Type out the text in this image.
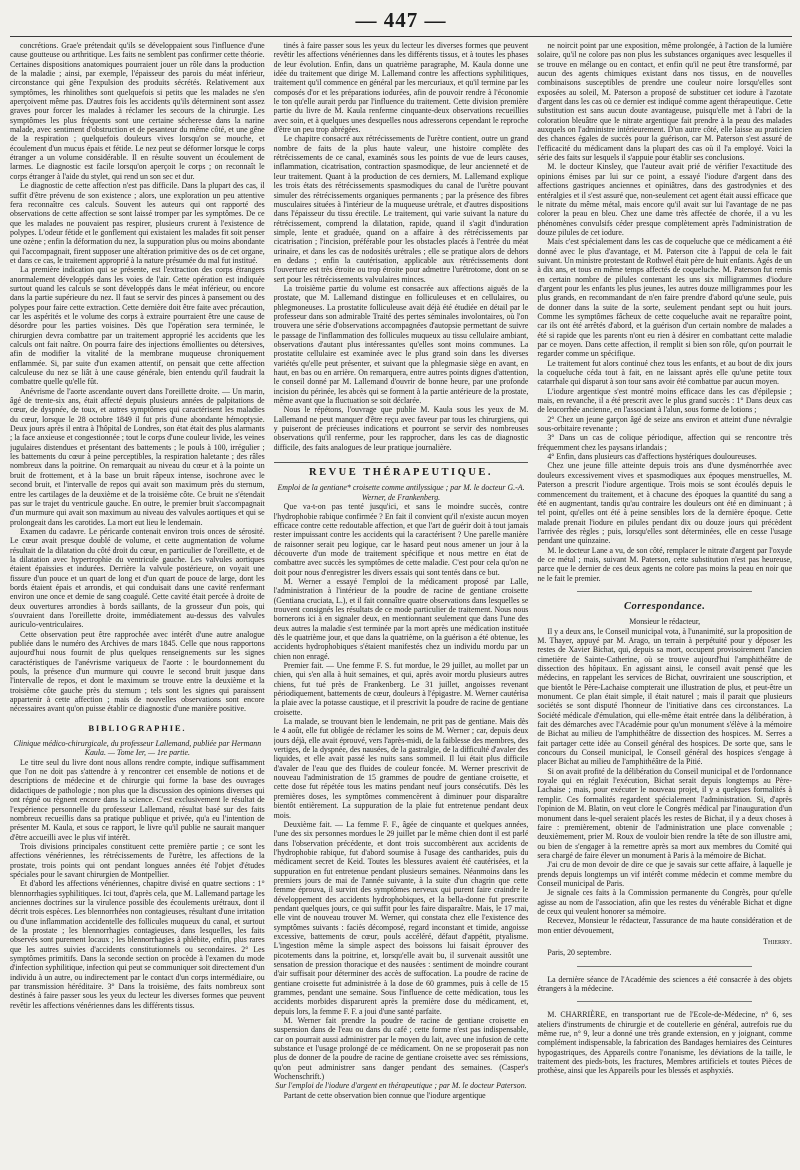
— 447 —

concrétions. Grae'e prétendait qu'ils se développaient sous l'influence d'une cause goutteuse ou arthritique. Les faits ne semblent pas confirmer cette théorie. Certaines dispositions anatomiques pourraient jouer un rôle dans la production de la maladie ; ainsi, par exemple, l'épaisseur des parois du méat inférieur, circonstance qui gêne l'expulsion des produits sécrétés. Relativement aux symptômes, les rhinolithes sont quelquefois si petits que les malades ne s'en aperçoivent même pas. D'autres fois les accidents qu'ils déterminent sont assez graves pour forcer les malades à réclamer les secours de la chirurgie. Les symptômes les plus fréquents sont une certaine sécheresse dans la narine malade, avec sentiment d'obstruction et de pesanteur du même côté, et une gêne de la respiration ; quelquefois douleurs vives lorsqu'on se mouche, et écoulement d'un mucus épais et fétide. Le nez peut se déformer lorsque le corps étranger a un volume considérable. Il en résulte souvent un écoulement de larmes. Le diagnostic est facile lorsqu'on aperçoit le corps ; on reconnaît le corps étranger à l'aide du stylet, qui rend un son sec et dur.

Le diagnostic de cette affection n'est pas difficile. Dans la plupart des cas, il suffit d'être prévenu de son existence ; alors, une exploration un peu attentive fera reconnaître ces calculs. Souvent les auteurs qui ont rapporté des observations de cette affection se sont laissé tromper par les symptômes. De ce que les malades ne pouvaient pas respirer, plusieurs crurent à l'existence de polypes. L'odeur fétide et le gonflement qui existaient les malades fit soit penser une ozène ; enfin la déformation du nez, la suppuration plus ou moins abondante qui l'accompagnait, firent supposer une altération primitive des os de cet organe, et dans ce cas, le traitement approprié à la nature présumée du mal fut institué.

La première indication qui se présente, est l'extraction des corps étrangers anormalement développés dans les voies de l'air. Cette opération est indiquée surtout quand les calculs se sont développés dans le méat inférieur, ou encore dans la partie supérieure du nez. Il faut se servir des pinces à pansement ou des polypes pour faire cette extraction. Cette dernière doit être faite avec précaution, car les aspérités et le volume des corps à extraire pourraient être une cause de désordre pour les parties voisines. Dès que l'opération sera terminée, le chirurgien devra combattre par un traitement approprié les accidents que les calculs ont fait naître. On pourra faire des injections émollientes ou détersives, afin de modifier la vitalité de la membrane muqueuse chroniquement enflammée. Si, par suite d'un examen attentif, on pensait que cette affection calculeuse du nez se liât à une cause générale, bien entendu qu'il faudrait la combattre quelle qu'elle fût.

Anévrisme de l'aorte ascendante ouvert dans l'oreillette droite. — Un marin, âgé de trente-six ans, était affecté depuis plusieurs années de palpitations de cœur, de dyspnée, de toux, et autres symptômes qui caractérisent les maladies du cœur, lorsque le 28 octobre 1849 il fut pris d'une abondante hémoptysie. Deux jours après il entra à l'hôpital de Londres, son état était des plus alarmants ; la face anxieuse et congestionnée ; tout le corps d'une couleur livide, les veines jugulaires distendues et présentant des battements ; le pouls à 100, irrégulier ; les battements du cœur à peine perceptibles, la respiration haletante ; des râles nombreux dans la poitrine. On remarquait au niveau du cœur et à la pointe un bruit de frottement, et à la base un bruit râpeux intense, isochrone avec le second bruit, et l'intervalle de repos qui avait son maximum près du sternum, entre les cartilages de la deuxième et de la troisième côte. Ce bruit ne s'étendait pas sur le trajet du ventricule gauche. En outre, le premier bruit s'accompagnait d'un murmure qui avait son maximum au niveau des valvules aortiques et qui se prolongeait dans les carotides. La mort eut lieu le lendemain.

Examen du cadavre. Le péricarde contenait environ trois onces de sérosité. Le cœur avait presque doublé de volume, et cette augmentation de volume résultait de la dilatation du côté droit du cœur, en particulier de l'oreillette, et de la dilatation avec hypertrophie du ventricule gauche. Les valvules aortiques étaient épaissies et indurées. Derrière la valvule postérieure, on voyait une fissure d'un pouce et un quart de long et d'un quart de pouce de large, dont les bords étaient épais et arrondis, et qui conduisait dans une cavité renfermant environ une once et demie de sang coagulé. Cette cavité était percée à droite de deux ouvertures arrondies à bords saillants, de la grosseur d'un pois, qui s'ouvraient dans l'oreillette droite, immédiatement au-dessus des valvules auriculo-ventriculaires.

Cette observation peut être rapprochée avec intérêt d'une autre analogue publiée dans le numéro des Archives de mars 1845. Celle que nous rapportons aujourd'hui nous fournit de plus quelques renseignements sur les signes caractéristiques de l'anévrisme variqueux de l'aorte : le bourdonnement du pouls, la présence d'un murmure qui couvre le second bruit jusque dans l'intervalle de repos, et dont le maximum se trouve entre la deuxième et la troisième côte gauche près du sternum ; tels sont les signes qui paraissent appartenir à cette affection ; mais de nouvelles observations sont encore nécessaires avant qu'on puisse établir ce diagnostic d'une manière positive.

BIBLIOGRAPHIE.

Clinique médico-chirurgicale, du professeur Lallemand, publiée par Hermann Kaula. — Tome Ier, — 1re partie.

Le titre seul du livre dont nous allons rendre compte, indique suffisamment que l'on ne doit pas s'attendre à y rencontrer cet ensemble de notions et de descriptions de médecine et de chirurgie qui forme la base des ouvrages didactiques de pathologie ; non plus que la discussion des opinions diverses qui ont régné ou règnent encore dans la science. C'est exclusivement le résultat de l'expérience personnelle du professeur Lallemand, résultat basé sur des faits nombreux recueillis dans sa pratique publique et privée, qu'a eu l'intention de présenter M. Kaula, et sous ce rapport, le livre qu'il publie ne saurait manquer d'être accueilli avec le plus vif intérêt.

Trois divisions principales constituent cette première partie ; ce sont les affections vénériennes, les rétrécissements de l'urètre, les affections de la prostate, trois points qui ont pendant longues années été l'objet d'études spéciales pour le savant chirurgien de Montpellier.

Et d'abord les affections vénériennes, chapitre divisé en quatre sections : 1° blennorrhagies syphilitiques. Ici tout, d'après cela, que M. Lallemand partage les anciennes doctrines sur la virulence possible des écoulements urétraux, dont il décrit trois espèces. Les blennorrhées non contagieuses, résultant d'une irritation ou d'une inflammation accidentelle des follicules muqueux du canal, et surtout de la prostate ; les blennorrhagies contagieuses, dans lesquelles, les faits observés sont purement locaux ; les blennorrhagies à phlébite, enfin, plus rares que les autres suivies d'accidents constitutionnels ou secondaires. 2° Les symptômes primitifs. Dans la seconde section on procède à l'examen du mode d'infection syphilitique, infection qui peut se communiquer soit directement d'un individu à un autre, ou indirectement par le contact d'un corps intermédiaire, ou par transmission héréditaire. 3° Dans la troisième, des faits nombreux sont destinés à faire passer sous les yeux du lecteur les diverses formes que peuvent revêtir les affections vénériennes dans les différents tissus.

tinés à faire passer sous les yeux du lecteur les diverses formes que peuvent revêtir les affections vénériennes dans les différents tissus, et à toutes les phases de leur évolution. Enfin, dans un quatrième paragraphe, M. Kaula donne une idée du traitement que dirige M. Lallemand contre les affections syphilitiques, traitement qu'il commence en général par les mercuriaux, et qu'il termine par les composés d'or et les préparations iodurées, afin de pouvoir rendre à l'économie le ton qu'elle aurait perdu par l'influence du traitement. Cette division première partie du livre de M. Kaula renferme cinquante-deux observations recueillies avec soin, et à quelques unes desquelles nous adresserons cependant le reproche d'être un peu trop abrégées.

Le chapitre consacré aux rétrécissements de l'urètre contient, outre un grand nombre de faits de la plus haute valeur, une histoire complète des rétrécissements de ce canal, examinés sous les points de vue de leurs causes, inflammation, cicatrisation, contraction spasmodique, de leur ancienneté et de leur traitement. Quant à la production de ces derniers, M. Lallemand explique les trois états des rétrécissements spasmodiques du canal de l'urètre pouvant simuler des rétrécissements organiques permanents ; par la présence des fibres musculaires situées à l'intérieur de la muqueuse urétrale, et d'autres dispositions dans l'épaisseur du tissu érectile. Le traitement, qui varie suivant la nature du rétrécissement, comprend la dilatation, rapide, quand il s'agit d'induration simple, lente et graduée, quand on a affaire à des rétrécissements par cicatrisation ; l'incision, préférable pour les obstacles placés à l'entrée du méat urinaire, et dans les cas de nodosités urétrales ; elle se pratique alors de dehors en dedans ; enfin la cautérisation, applicable aux rétrécissements dont l'ouverture est très étroite ou trop étroite pour admettre l'urétrotome, dont on se sert pour les rétrécissements valvulaires minces.

La troisième partie du volume est consacrée aux affections aiguës de la prostate, que M. Lallemand distingue en folliculeuses et en cellulaires, ou phlegmoneuses. La prostatite folliculeuse avait déjà été étudiée en détail par le professeur dans son admirable Traité des pertes séminales involontaires, où l'on trouvera une série d'observations accompagnées d'autopsie permettant de suivre le passage de l'inflammation des follicules muqueux au tissu cellulaire ambiant, observations d'autant plus intéressantes qu'elles sont moins communes. La prostatite cellulaire est examinée avec le plus grand soin dans les diverses variétés qu'elle peut présenter, et suivant que la phlegmasie siège en avant, en haut, en bas ou en arrière. On remarquera, entre autres points dignes d'attention, le conseil donné par M. Lallemand d'ouvrir de bonne heure, par une profonde incision du périnée, les abcès qui se forment à la partie antérieure de la prostate, même avant que la fluctuation se soit déclarée.

Nous le répétons, l'ouvrage que publie M. Kaula sous les yeux de M. Lallemand ne peut manquer d'être reçu avec faveur par tous les chirurgiens, qui y puiseront de précieuses indications et pourront se servir des nombreuses observations qu'il renferme, pour les rapprocher, dans les cas de diagnostic difficile, des faits analogues de leur pratique journalière.

REVUE THÉRAPEUTIQUE.

Emploi de la gentiane* croisette comme antilyssique ; par M. le docteur G.-A. Werner, de Frankenberg.

Que va-t-on pas tenté jusqu'ici, et sans le moindre succès, contre l'hydrophobie rabique confirmée ? En fait il convient qu'il n'existe aucun moyen efficace contre cette redoutable affection, et que l'art de guérir doit à tout jamais rester impuissant contre les accidents qui la caractérisent ? Une parelle manière de raisonner serait peu logique, car le hasard peut nous amener un jour à la découverte d'un mode de traitement spécifique et nous mettre en état de combattre avec succès les symptômes de cette maladie. C'est pour cela qu'on ne doit pour nous d'enregistrer les divers essais qui sont tentés dans ce but.

M. Werner a essayé l'emploi de la médicament proposé par Lalle, l'administration à l'intérieur de la poudre de racine de gentiane croisette (Gentiana cruciata, L.), et il fait connaître quatre observations dans lesquelles se trouvent consignés les résultats de ce mode particulier de traitement. Nous nous bornerons ici à en signaler deux, en mentionnant seulement que dans l'une des deux autres la maladie s'est terminée par la mort après une médication instituée dès le quatrième jour, et que dans la quatrième, on la guérison a été obtenue, les accidents hydrophobiques s'étaient manifestés chez un individu mordu par un chien non enragé.

Premier fait. — Une femme F. S. fut mordue, le 29 juillet, au mollet par un chien, qui s'en alla à huit semaines, et qui, après avoir mordu plusieurs autres chiens, fut tué près de Frankenberg. Le 31 juillet, angoisses revenant périodiquement, battements de cœur, douleurs à l'épigastre. M. Werner cautérisa la plaie avec la potasse caustique, et il prescrivit la poudre de racine de gentiane croisette.

La malade, se trouvant bien le lendemain, ne prit pas de gentiane. Mais dès le 4 août, elle fut obligée de réclamer les soins de M. Werner ; car, depuis deux jours déjà, elle avait éprouvé, vers l'après-midi, de la faiblesse des membres, des vertiges, de la dyspnée, des nausées, de la gastralgie, de la difficulté d'avaler des liquides, et elle avait passé les nuits sans sommeil. Il lui était plus difficile d'avaler de l'eau que des fluides de couleur foncée. M. Werner prescrivit de nouveau l'administration de 15 grammes de poudre de gentiane croisette, et cette dose fut répétée tous les matins pendant neuf jours consécutifs. Dès les premières doses, les symptômes commencèrent à diminuer pour disparaître bientôt entièrement. La suppuration de la plaie fut entretenue pendant deux mois.

Deuxième fait. — La femme F. F., âgée de cinquante et quelques années, l'une des six personnes mordues le 29 juillet par le même chien dont il est parlé dans l'observation précédente, et dont trois succombèrent aux accidents de l'hydrophobie rabique, fut d'abord soumise à l'usage des cantharides, puis du médicament secret de Keid. Toutes les blessures avaient été cautérisées, et la suppuration en fut entretenue pendant plusieurs semaines. Néanmoins dans les premiers jours de mai de l'année suivante, à la suite d'un chagrin que cette femme éprouva, il survint des symptômes nerveux qui purent faire craindre le développement des accidents hydrophobiques, et la bella-donne fut prescrite pendant quelques jours, ce qui suffit pour les faire disparaître. Mais, le 17 mai, elle vint de nouveau trouver M. Werner, qui constata chez elle l'existence des symptômes suivants : faciès décomposé, regard inconstant et timide, angoisse excessive, battements de cœur, pouls accéléré, défaut d'appétit, ptyalisme. L'ingestion même la simple aspect des boissons lui faisait éprouver des picotements dans la poitrine, et, lorsqu'elle avait bu, il survenait aussitôt une sensation de pression thoracique et des nausées : sentiment de moindre courant d'air suffisait pour déterminer des accès de suffocation. La poudre de racine de gentiane croisette fut administrée à la dose de 60 grammes, puis à celle de 15 grammes, pendant une semaine. Sous l'influence de cette médication, tous les accidents morbides disparurent après la première dose du médicament, et, depuis lors, la femme F. F. a joui d'une santé parfaite.

M. Werner fait prendre la poudre de racine de gentiane croisette en suspension dans de l'eau ou dans du café ; cette forme n'est pas indispensable, car on pourrait aussi administrer par le moyen du lait, avec une infusion de cette substance et l'usage prolongé de ce médicament. On ne se proposerait pas non plus de donner de la poudre de racine de gentiane croisette avec ses rémissions, qu'on peut administrer sans danger pendant des semaines. (Casper's Wochenschrift.)

Sur l'emploi de l'iodure d'argent en thérapeutique ; par M. le docteur Paterson.

Partant de cette observation bien connue que l'iodure argentique

ne noircit point par une exposition, même prolongée, à l'action de la lumière solaire, qu'il ne colore pas non plus les substances organiques avec lesquelles il se trouve en mélange ou en contact, et enfin qu'il ne peut être transformé, par aucun des agents chimiques existant dans nos tissus, en de nouvelles combinaisons susceptibles de prendre une couleur noire lorsqu'elles sont exposées au soleil, M. Paterson a proposé de substituer cet iodure à l'azotate d'argent dans les cas où ce dernier est indiqué comme agent thérapeutique. Cette substitution est sans aucun doute avantageuse, puisqu'elle met à l'abri de la coloration bleuâtre que le nitrate argentique fait prendre à la peau des malades auxquels on l'administre intérieurement. D'un autre côté, elle laisse au praticien des chances égales de succès pour la guérison, car M. Paterson s'est assuré de l'efficacité du médicament dans la plupart des cas où il l'a employé. Voici la série des faits sur lesquels il s'appuie pour établir ses conclusions.

M. le docteur Kinsley, que l'auteur avait prié de vérifier l'exactitude des opinions émises par lui sur ce point, a essayé l'iodure d'argent dans des affections gastriques anciennes et opiniâtres, dans des gastrodynies et des entéralgies et il s'est assuré que, non-seulement cet agent était aussi efficace que le nitrate du même métal, mais encore qu'il avait sur lui l'avantage de ne pas colorer la peau en bleu. Chez une dame très affectée de chorée, il a vu les phénomènes convulsifs céder presque complètement après l'administration de douze pilules de cet iodure.

Mais c'est spécialement dans les cas de coqueluche que ce médicament a été donné avec le plus d'avantage, et M. Paterson cite à l'appui de cela le fait suivant. Un ministre protestant de Rothwel était père de huit enfants. Agés de un à dix ans, et tous en même temps affectés de coqueluche. M. Paterson fut remis en certain nombre de pilules contenant les uns six milligrammes d'iodure d'argent pour les enfants les plus jeunes, les autres douze milligrammes pour les plus grands, en recommandant de n'en faire prendre d'abord qu'une seule, puis de donner dans la suite de la sorte, seulement pendant sept ou huit jours. Comme les symptômes fâcheux de cette coqueluche avait ne reparaître point, car ils ont été arrêtés d'abord, et la guérison d'un certain nombre de malades a été si rapide que les parents n'ont eu rien à désirer en combattant cette maladie par ce moyen. Dans cette affection, il remplit si bien son rôle, qu'on pourrait le regarder comme un spécifique.

Le traitement fut alors continué chez tous les enfants, et au bout de dix jours la coqueluche céda tout à fait, en ne laissant après elle qu'une petite toux catarrhale qui disparut à son tour sans avoir été combattue par aucun moyen.

L'iodure argentique s'est montré moins efficace dans les cas d'épilepsie ; mais, en revanche, il a été prescrit avec le plus grand succès : 1° Dans deux cas de leucorrhée ancienne, en l'associant à l'alun, sous forme de lotions ;

2° Chez un jeune garçon âgé de seize ans environ et atteint d'une névralgie sous-orbitaire revenante ;

3° Dans un cas de colique périodique, affection qui se rencontre très fréquemment chez les paysans irlandais ;

4° Enfin, dans plusieurs cas d'affections hystériques douloureuses.

Chez une jeune fille atteinte depuis trois ans d'une dysménorrhée avec douleurs excessivement vives et spasmodiques aux époques menstruelles, M. Paterson a prescrit l'iodure argentique. Trois mois se sont écoulés depuis le commencement du traitement, et à chacune des époques la quantité du sang a été en augmentant, tandis qu'au contraire les douleurs ont été en diminuant ; à tel point, qu'elles ont été à peine sensibles lors de la dernière époque. Cette malade prenait l'iodure en pilules pendant dix ou douze jours qui précèdent l'arrivée des règles ; puis, lorsqu'elles sont déterminées, elle en cesse l'usage pendant une quinzaine.

M. le docteur Lane a vu, de son côté, remplacer le nitrate d'argent par l'oxyde de ce métal ; mais, suivant M. Paterson, cette substitution n'est pas heureuse, parce que le dernier de ces deux agents ne colore pas moins la peau en noir que ne le fait le premier.

Correspondance.

Monsieur le rédacteur,

Il y a deux ans, le Conseil municipal vota, à l'unanimité, sur la proposition de M. Thayer, appuyé par M. Arago, un terrain à perpétuité pour y déposer les restes de Xavier Bichat, qui, depuis sa mort, occupent provisoirement l'ancien cimetière de Sainte-Catherine, où se trouve aujourd'hui l'amphithéâtre de dissection des hôpitaux. En agissant ainsi, le conseil avait pensé que les médecins, en rappelant les services de Bichat, ouvriraient une souscription, et que bientôt le Père-Lachaise compterait une illustration de plus, et peut-être un monument. Ce plan était simple, il était naturel ; mais il parait que plusieurs sociétés se sont disputé l'honneur de l'initiative dans ces circonstances. La Société médicale d'émulation, qui elle-même était entrée dans la délibération, à fait des démarches avec l'Académie pour qu'un monument s'élève à la mémoire de Bichat au milieu de l'amphithéâtre de dissection des hospices. M. Serres a fait partager cette idée au Conseil général des hospices. De sorte que, sans le concours du Conseil municipal, le Conseil général des hospices s'engage à placer Bichat au milieu de l'amphithéâtre de la Pitié.

Si on avait profité de la délibération du Conseil municipal et de l'ordonnance royale qui en réglait l'exécution, Bichat serait depuis longtemps au Père-Lachaise ; mais, pour exécuter le nouveau projet, il y a quelques formalités à remplir. Ces formalités regardent spécialement l'administration. Si, d'après l'opinion de M. Blatin, on veut clore le Congrès médical par l'inauguration d'un monument dans le-quel seraient placés les restes de Bichat, il y a deux choses à faire : premièrement, obtenir de l'administration une place convenable ; deuxièmement, prier M. Roux de vouloir bien rendre la tête de son illustre ami, ou bien de s'engager à la remettre après sa mort aux membres du Comité qui sera chargé de faire élever un monument à Paris à la mémoire de Bichat.

J'ai cru de mon devoir de dire ce que je savais sur cette affaire, à laquelle je prends depuis longtemps un vif intérêt comme médecin et comme membre du Conseil municipal de Paris.

Je signale ces faits à la Commission permanente du Congrès, pour qu'elle agisse au nom de l'association, afin que les restes du vénérable Bichat et digne de ceux qui veulent honorer sa mémoire.

Recevez, Monsieur le rédacteur, l'assurance de ma haute considération et de mon entier dévouement,

Thierry.

Paris, 20 septembre.

La dernière séance de l'Académie des sciences a été consacrée à des objets étrangers à la médecine.

M. CHARRIÈRE, en transportant rue de l'Ecole-de-Médecine, n° 6, ses ateliers d'instruments de chirurgie et de coutellerie en général, autrefois rue du même rue, n° 9, leur a donné une très grande extension, en y joignant, comme complément indispensable, la fabrication des Bandages herniaires des Ceintures hypogastriques, des Appareils contre l'onanisme, les déviations de la taille, le traitement des pieds-bots, les fractures, Membres artificiels et toutes Pièces de prothèse, ainsi que les Appareils pour les blessés et asphyxiés.
